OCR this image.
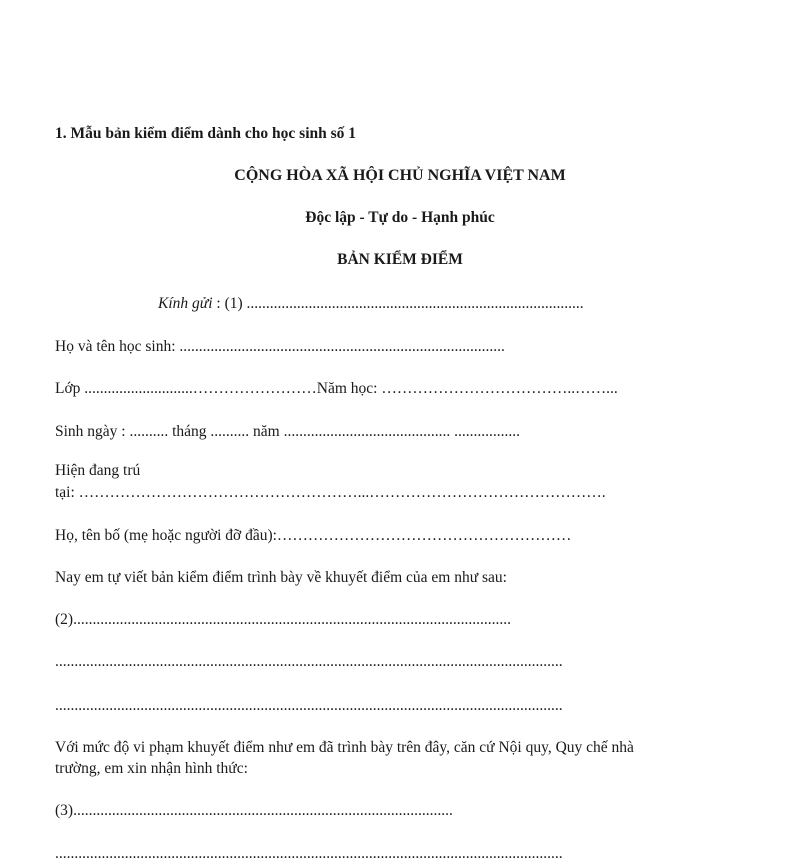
1. Mẫu bản kiểm điểm dành cho học sinh số 1
CỘNG HÒA XÃ HỘI CHỦ NGHĨA VIỆT NAM
Độc lập - Tự do - Hạnh phúc
BẢN KIỂM ĐIỂM
Kính gửi : (1) .......................................................................................
Họ và tên học sinh: ....................................................................................
Lớp ............................……………………Năm học: ………………………………..……...
Sinh ngày : .......... tháng .......... năm ........................................... .................
Hiện đang trú
tại: ………………………………………………...……………………………………….
Họ, tên bố (mẹ hoặc người đỡ đầu):…………………………………………………
Nay em tự viết bản kiểm điểm trình bày về khuyết điểm của em như sau:
(2).................................................................................................................
...................................................................................................................................
...................................................................................................................................
Với mức độ vi phạm khuyết điểm như em đã trình bày trên đây, căn cứ Nội quy, Quy chế nhà
trường, em xin nhận hình thức:
(3)..................................................................................................
...................................................................................................................................
